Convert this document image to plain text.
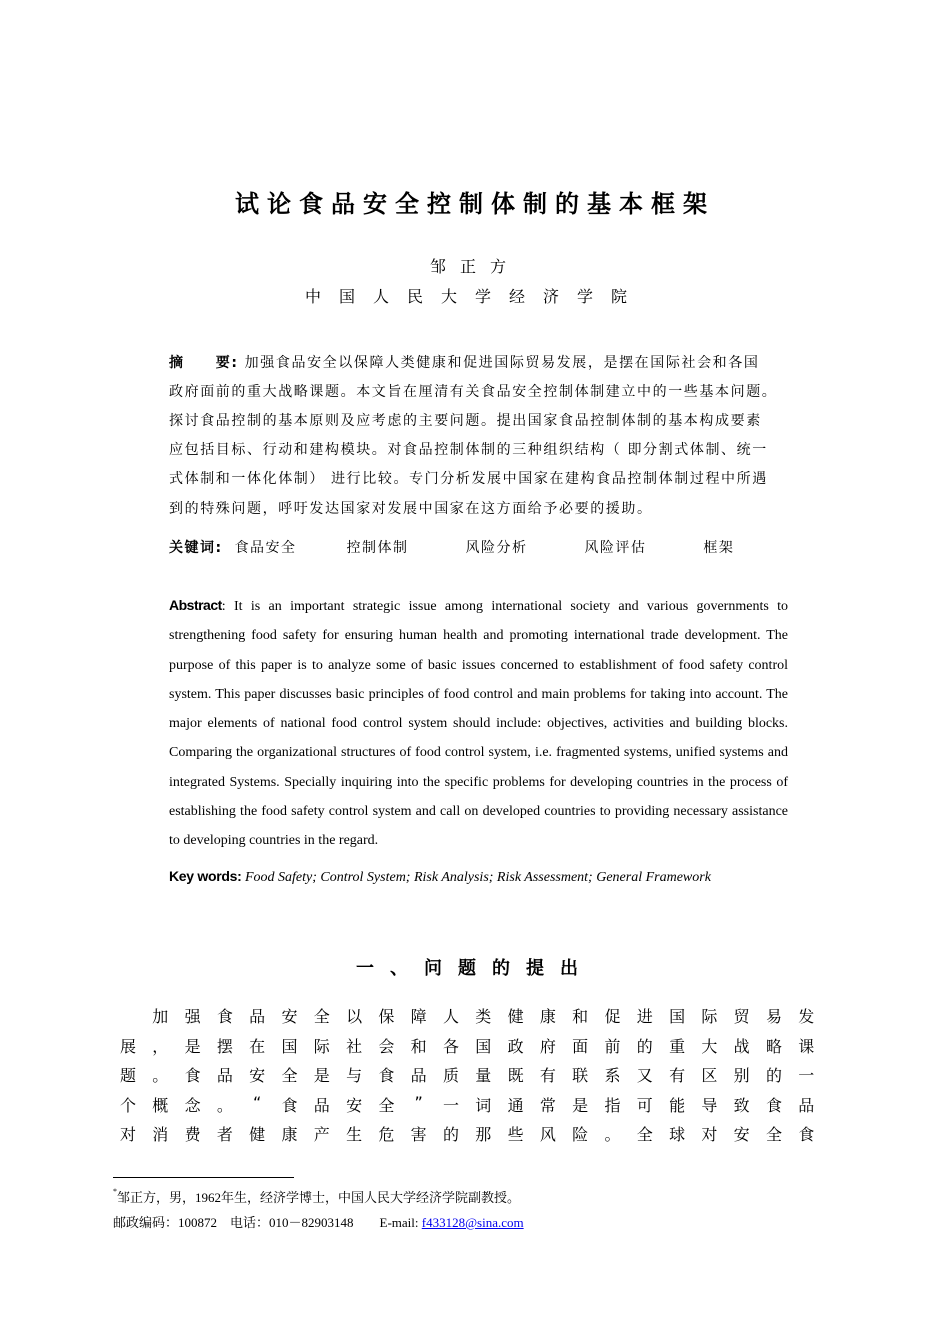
试论食品安全控制体制的基本框架
邹正方
中国人民大学经济学院
摘　　要: 加强食品安全以保障人类健康和促进国际贸易发展，是摆在国际社会和各国
政府面前的重大战略课题。本文旨在厘清有关食品安全控制体制建立中的一些基本问题。
探讨食品控制的基本原则及应考虑的主要问题。提出国家食品控制体制的基本构成要素
应包括目标、行动和建构模块。对食品控制体制的三种组织结构（ 即分割式体制、统一
式体制和一体化体制） 进行比较。专门分析发展中国家在建构食品控制体制过程中所遇
到的特殊问题，呼吁发达国家对发展中国家在这方面给予必要的援助。
关键词: 食品安全	控制体制	风险分析	风险评估	框架
Abstract: It is an important strategic issue among international society and various governments to strengthening food safety for ensuring human health and promoting international trade development. The purpose of this paper is to analyze some of basic issues concerned to establishment of food safety control system. This paper discusses basic principles of food control and main problems for taking into account. The major elements of national food control system should include: objectives, activities and building blocks. Comparing the organizational structures of food control system, i.e. fragmented systems, unified systems and integrated Systems. Specially inquiring into the specific problems for developing countries in the process of establishing the food safety control system and call on developed countries to providing necessary assistance to developing countries in the regard.
Key words: Food Safety; Control System; Risk Analysis; Risk Assessment; General Framework
一、问题的提出

加 强 食 品 安 全 以 保 障 人 类 健 康 和 促 进 国 际 贸 易 发
展 ， 是 摆 在 国 际 社 会 和 各 国 政 府 面 前 的 重 大 战 略 课
题 。 食 品 安 全 是 与 食 品 质 量 既 有 联 系 又 有 区 别 的 一
个 概 念 。 “ 食 品 安 全 ” 一 词 通 常 是 指 可 能 导 致 食 品
对 消 费 者 健 康 产 生 危 害 的 那 些 风 险 。 全 球 对 安 全 食
*邹正方，男，1962年生，经济学博士，中国人民大学经济学院副教授。
邮政编码：100872　电话：010－82903148　　E-mail: f433128@sina.com
